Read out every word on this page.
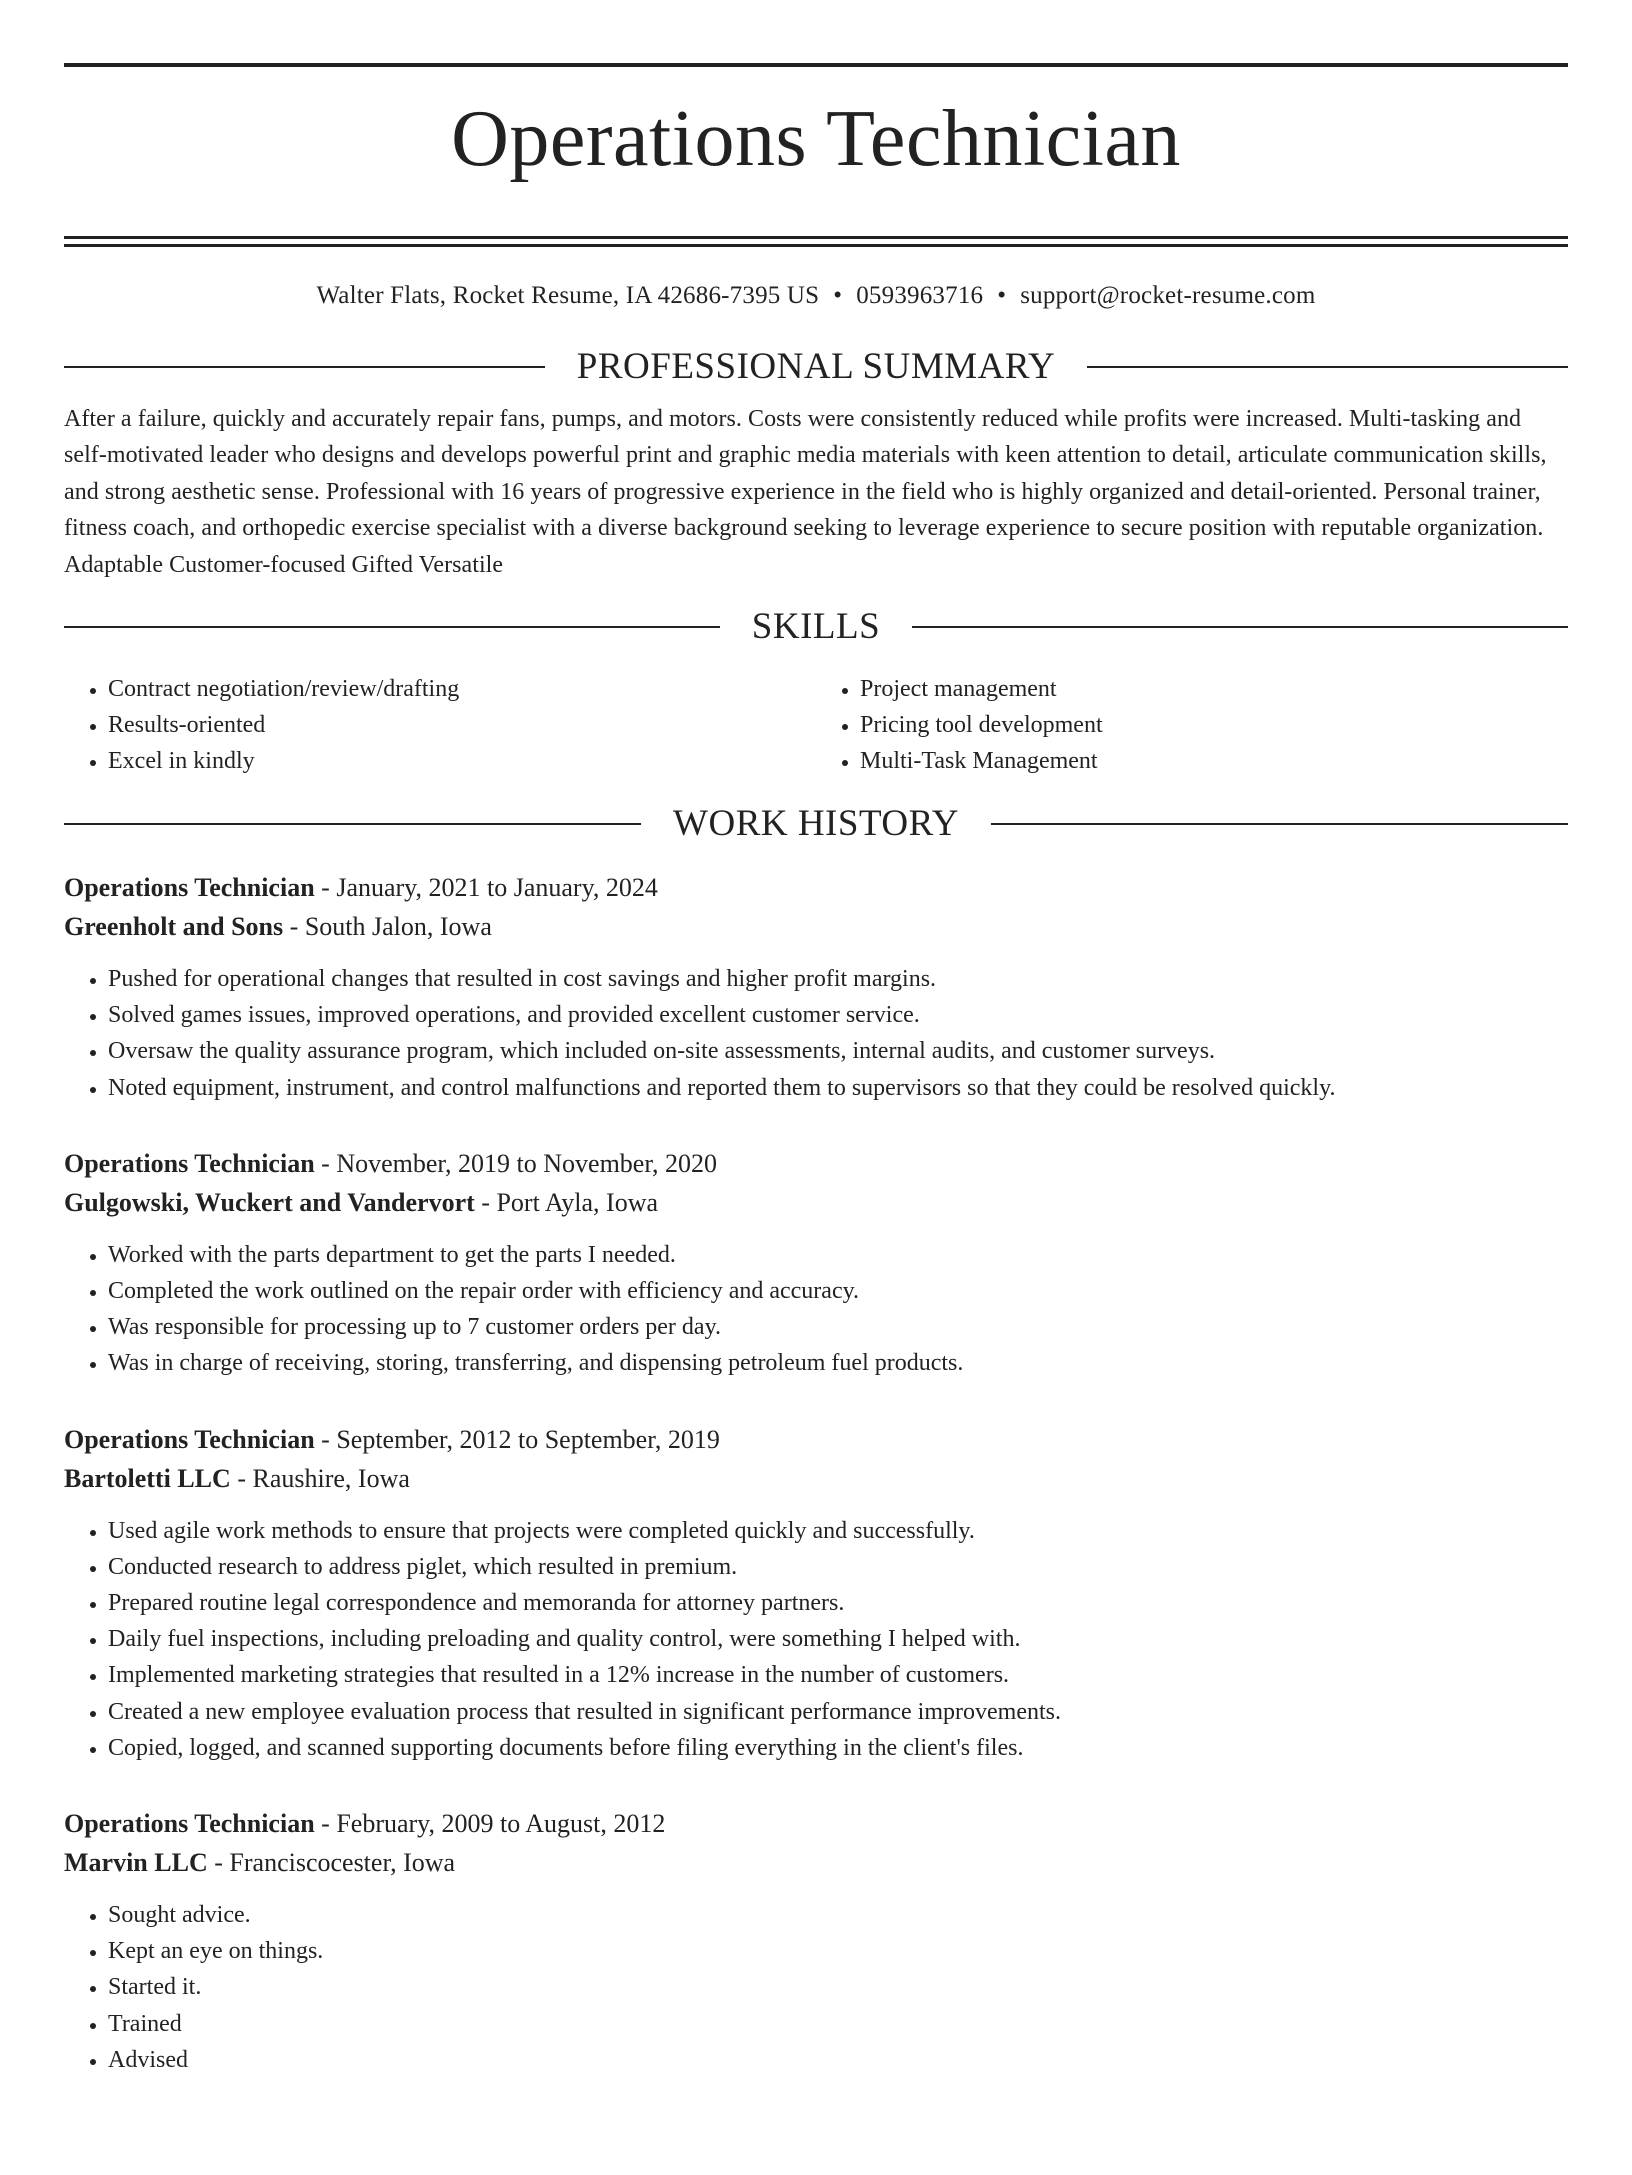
Operations Technician
Walter Flats, Rocket Resume, IA 42686-7395 US • 0593963716 • support@rocket-resume.com
PROFESSIONAL SUMMARY
After a failure, quickly and accurately repair fans, pumps, and motors. Costs were consistently reduced while profits were increased. Multi-tasking and self-motivated leader who designs and develops powerful print and graphic media materials with keen attention to detail, articulate communication skills, and strong aesthetic sense. Professional with 16 years of progressive experience in the field who is highly organized and detail-oriented. Personal trainer, fitness coach, and orthopedic exercise specialist with a diverse background seeking to leverage experience to secure position with reputable organization. Adaptable Customer-focused Gifted Versatile
SKILLS
• Contract negotiation/review/drafting
• Results-oriented
• Excel in kindly
• Project management
• Pricing tool development
• Multi-Task Management
WORK HISTORY
Operations Technician - January, 2021 to January, 2024
Greenholt and Sons - South Jalon, Iowa
• Pushed for operational changes that resulted in cost savings and higher profit margins.
• Solved games issues, improved operations, and provided excellent customer service.
• Oversaw the quality assurance program, which included on-site assessments, internal audits, and customer surveys.
• Noted equipment, instrument, and control malfunctions and reported them to supervisors so that they could be resolved quickly.
Operations Technician - November, 2019 to November, 2020
Gulgowski, Wuckert and Vandervort - Port Ayla, Iowa
• Worked with the parts department to get the parts I needed.
• Completed the work outlined on the repair order with efficiency and accuracy.
• Was responsible for processing up to 7 customer orders per day.
• Was in charge of receiving, storing, transferring, and dispensing petroleum fuel products.
Operations Technician - September, 2012 to September, 2019
Bartoletti LLC - Raushire, Iowa
• Used agile work methods to ensure that projects were completed quickly and successfully.
• Conducted research to address piglet, which resulted in premium.
• Prepared routine legal correspondence and memoranda for attorney partners.
• Daily fuel inspections, including preloading and quality control, were something I helped with.
• Implemented marketing strategies that resulted in a 12% increase in the number of customers.
• Created a new employee evaluation process that resulted in significant performance improvements.
• Copied, logged, and scanned supporting documents before filing everything in the client's files.
Operations Technician - February, 2009 to August, 2012
Marvin LLC - Franciscocester, Iowa
• Sought advice.
• Kept an eye on things.
• Started it.
• Trained
• Advised
